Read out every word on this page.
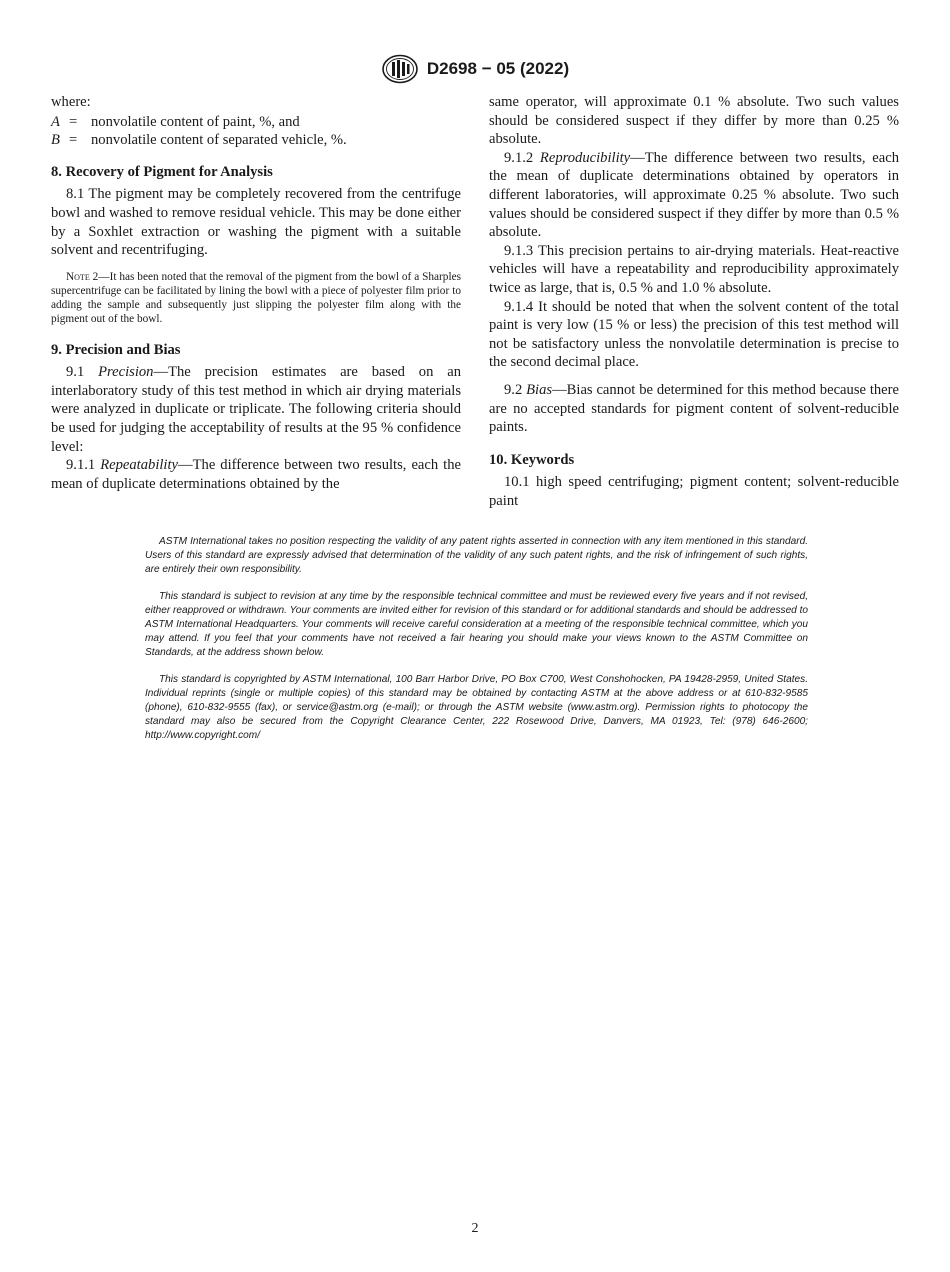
D2698 − 05 (2022)

where:

A = nonvolatile content of paint, %, and
B = nonvolatile content of separated vehicle, %.

8. Recovery of Pigment for Analysis

8.1 The pigment may be completely recovered from the centrifuge bowl and washed to remove residual vehicle. This may be done either by a Soxhlet extraction or washing the pigment with a suitable solvent and recentrifuging.

Note 2—It has been noted that the removal of the pigment from the bowl of a Sharples supercentrifuge can be facilitated by lining the bowl with a piece of polyester film prior to adding the sample and subsequently just slipping the polyester film along with the pigment out of the bowl.

9. Precision and Bias

9.1 Precision—The precision estimates are based on an interlaboratory study of this test method in which air drying materials were analyzed in duplicate or triplicate. The following criteria should be used for judging the acceptability of results at the 95 % confidence level:

9.1.1 Repeatability—The difference between two results, each the mean of duplicate determinations obtained by the

same operator, will approximate 0.1 % absolute. Two such values should be considered suspect if they differ by more than 0.25 % absolute.

9.1.2 Reproducibility—The difference between two results, each the mean of duplicate determinations obtained by operators in different laboratories, will approximate 0.25 % absolute. Two such values should be considered suspect if they differ by more than 0.5 % absolute.

9.1.3 This precision pertains to air-drying materials. Heat-reactive vehicles will have a repeatability and reproducibility approximately twice as large, that is, 0.5 % and 1.0 % absolute.

9.1.4 It should be noted that when the solvent content of the total paint is very low (15 % or less) the precision of this test method will not be satisfactory unless the nonvolatile determination is precise to the second decimal place.

9.2 Bias—Bias cannot be determined for this method because there are no accepted standards for pigment content of solvent-reducible paints.

10. Keywords

10.1 high speed centrifuging; pigment content; solvent-reducible paint

ASTM International takes no position respecting the validity of any patent rights asserted in connection with any item mentioned in this standard. Users of this standard are expressly advised that determination of the validity of any such patent rights, and the risk of infringement of such rights, are entirely their own responsibility.

This standard is subject to revision at any time by the responsible technical committee and must be reviewed every five years and if not revised, either reapproved or withdrawn. Your comments are invited either for revision of this standard or for additional standards and should be addressed to ASTM International Headquarters. Your comments will receive careful consideration at a meeting of the responsible technical committee, which you may attend. If you feel that your comments have not received a fair hearing you should make your views known to the ASTM Committee on Standards, at the address shown below.

This standard is copyrighted by ASTM International, 100 Barr Harbor Drive, PO Box C700, West Conshohocken, PA 19428-2959, United States. Individual reprints (single or multiple copies) of this standard may be obtained by contacting ASTM at the above address or at 610-832-9585 (phone), 610-832-9555 (fax), or service@astm.org (e-mail); or through the ASTM website (www.astm.org). Permission rights to photocopy the standard may also be secured from the Copyright Clearance Center, 222 Rosewood Drive, Danvers, MA 01923, Tel: (978) 646-2600; http://www.copyright.com/

2
